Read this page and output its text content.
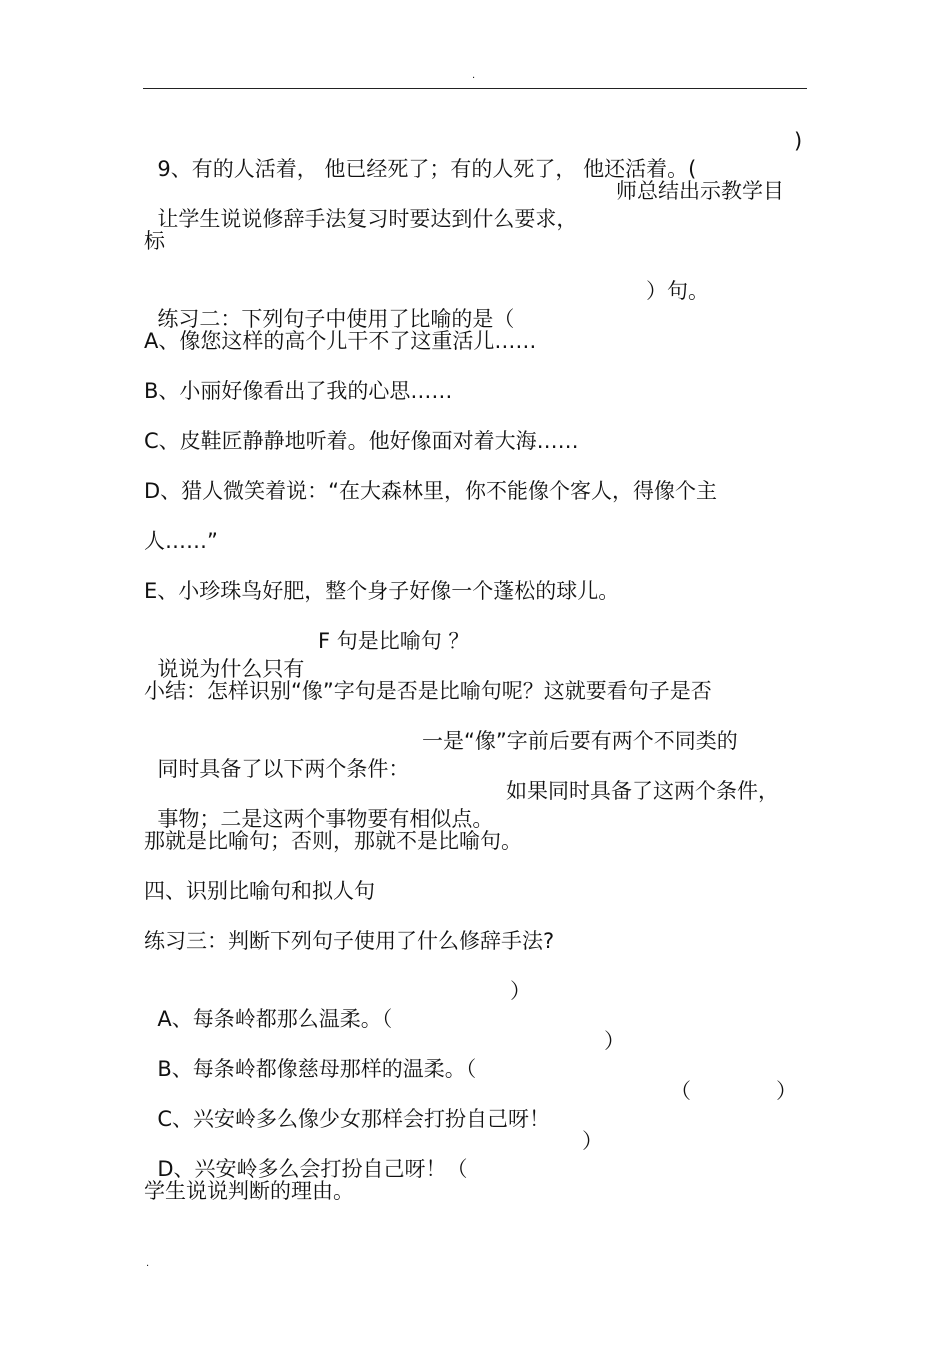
.

9、有的人活着， 他已经死了；有的人死了， 他还活着。(

)

让学生说说修辞手法复习时要达到什么要求，

师总结出示教学目

标

练习二：下列句子中使用了比喻的是（

）句。

A、像您这样的高个儿干不了这重活儿……
B、小丽好像看出了我的心思……
C、皮鞋匠静静地听着。他好像面对着大海……
D、猎人微笑着说：“在大森林里，你不能像个客人，得像个主
人……”
E、小珍珠鸟好肥，整个身子好像一个蓬松的球儿。

说说为什么只有

F 句是比喻句 ？

小结：怎样识别“像”字句是否是比喻句呢？这就要看句子是否

同时具备了以下两个条件：

一是“像”字前后要有两个不同类的

事物；二是这两个事物要有相似点。

如果同时具备了这两个条件，

那就是比喻句；否则，那就不是比喻句。
四、识别比喻句和拟人句
练习三：判断下列句子使用了什么修辞手法?

A、每条岭都那么温柔。（

）

B、每条岭都像慈母那样的温柔。（

）

C、兴安岭多么像少女那样会打扮自己呀！

（

	）

D、兴安岭多么会打扮自己呀！（

）

学生说说判断的理由。
.
